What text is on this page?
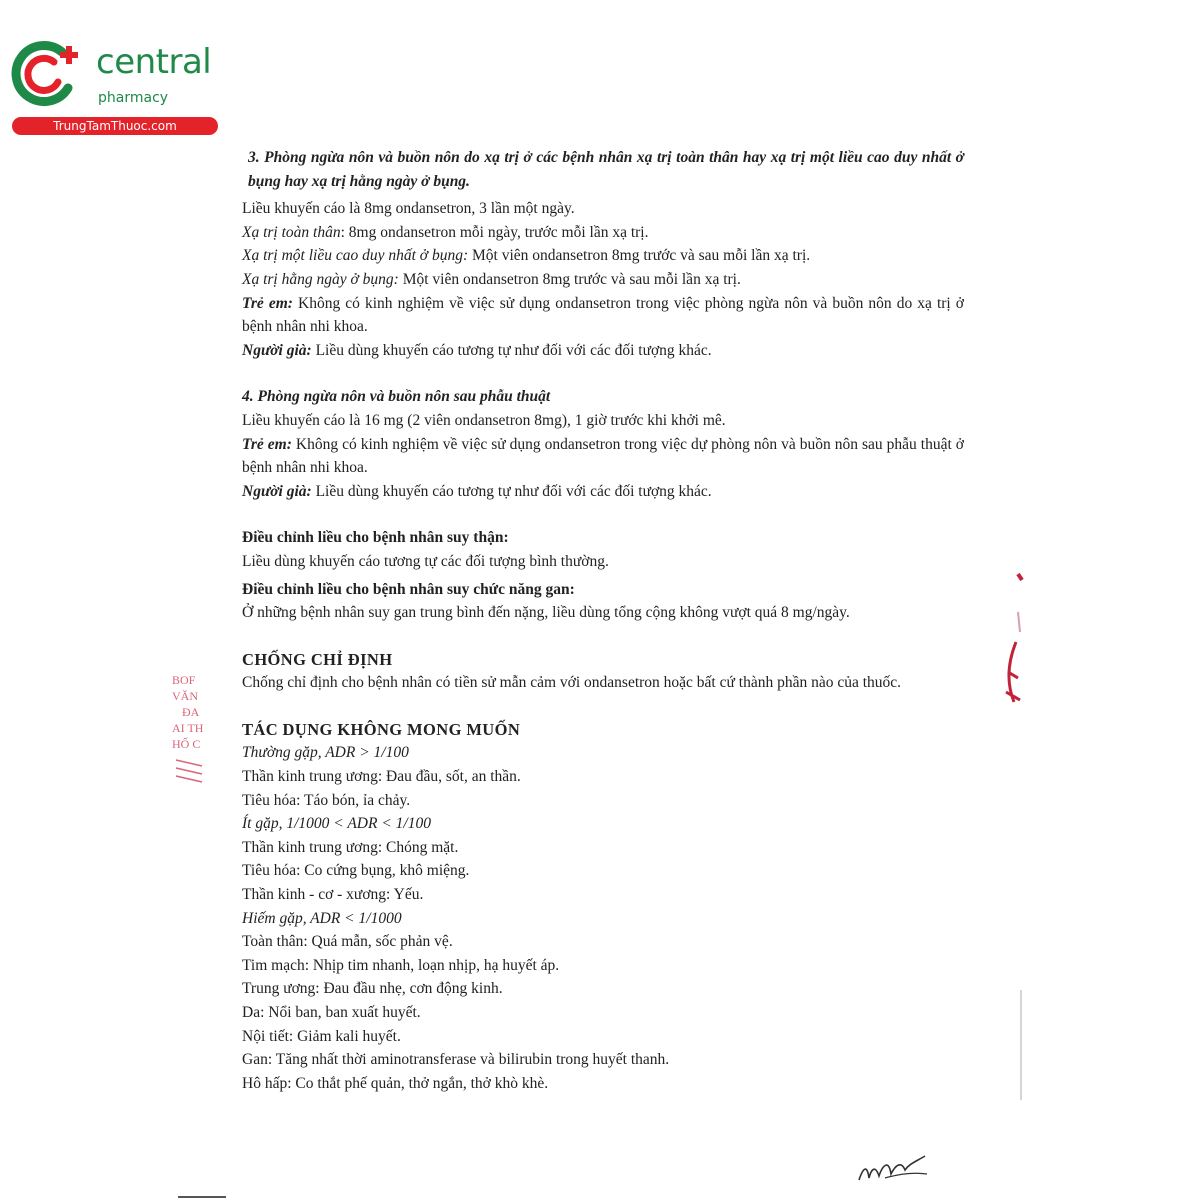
central
pharmacy
TrungTamThuoc.com
BOF
VĂN
ĐA
AI TH
HỐ C

3. Phòng ngừa nôn và buồn nôn do xạ trị ở các bệnh nhân xạ trị toàn thân hay xạ trị một liều cao duy nhất ở bụng hay xạ trị hằng ngày ở bụng.

Liều khuyến cáo là 8mg ondansetron, 3 lần một ngày.

Xạ trị toàn thân: 8mg ondansetron mỗi ngày, trước mỗi lần xạ trị.

Xạ trị một liều cao duy nhất ở bụng: Một viên ondansetron 8mg trước và sau mỗi lần xạ trị.

Xạ trị hằng ngày ở bụng: Một viên ondansetron 8mg trước và sau mỗi lần xạ trị.

Trẻ em: Không có kinh nghiệm về việc sử dụng ondansetron trong việc phòng ngừa nôn và buồn nôn do xạ trị ở bệnh nhân nhi khoa.

Người già: Liều dùng khuyến cáo tương tự như đối với các đối tượng khác.

4. Phòng ngừa nôn và buồn nôn sau phẫu thuật

Liều khuyến cáo là 16 mg (2 viên ondansetron 8mg), 1 giờ trước khi khởi mê.

Trẻ em: Không có kinh nghiệm về việc sử dụng ondansetron trong việc dự phòng nôn và buồn nôn sau phẫu thuật ở bệnh nhân nhi khoa.

Người già: Liều dùng khuyến cáo tương tự như đối với các đối tượng khác.

Điều chỉnh liều cho bệnh nhân suy thận:

Liều dùng khuyến cáo tương tự các đối tượng bình thường.

Điều chỉnh liều cho bệnh nhân suy chức năng gan:

Ở những bệnh nhân suy gan trung bình đến nặng, liều dùng tổng cộng không vượt quá 8 mg/ngày.

CHỐNG CHỈ ĐỊNH

Chống chỉ định cho bệnh nhân có tiền sử mẫn cảm với ondansetron hoặc bất cứ thành phần nào của thuốc.

TÁC DỤNG KHÔNG MONG MUỐN

Thường gặp, ADR > 1/100

Thần kinh trung ương: Đau đầu, sốt, an thần.

Tiêu hóa: Táo bón, ỉa chảy.

Ít gặp, 1/1000 < ADR < 1/100

Thần kinh trung ương: Chóng mặt.

Tiêu hóa: Co cứng bụng, khô miệng.

Thần kinh - cơ - xương: Yếu.

Hiếm gặp, ADR < 1/1000

Toàn thân: Quá mẫn, sốc phản vệ.

Tim mạch: Nhịp tim nhanh, loạn nhịp, hạ huyết áp.

Trung ương: Đau đầu nhẹ, cơn động kinh.

Da: Nổi ban, ban xuất huyết.

Nội tiết: Giảm kali huyết.

Gan: Tăng nhất thời aminotransferase và bilirubin trong huyết thanh.

Hô hấp: Co thắt phế quản, thở ngắn, thở khò khè.
